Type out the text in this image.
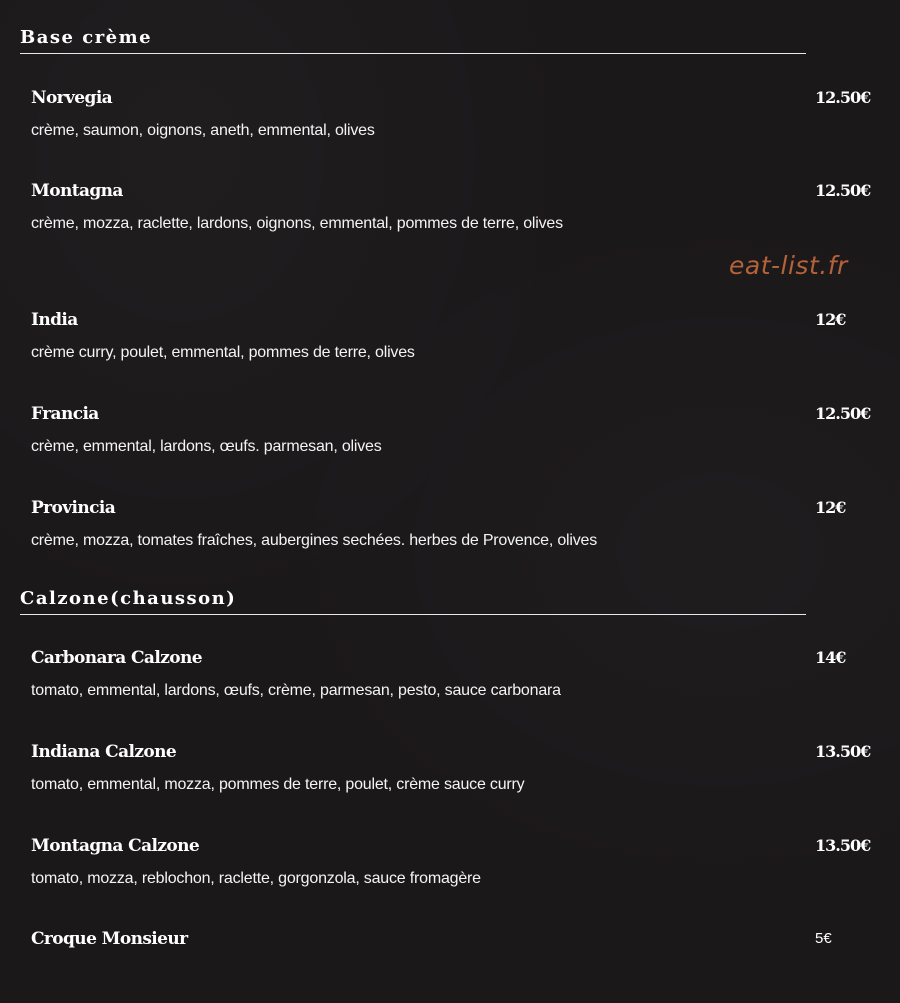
Base crème
Norvegia	12.50€
crème, saumon, oignons, aneth, emmental, olives
Montagna	12.50€
crème, mozza, raclette, lardons, oignons, emmental, pommes de terre, olives
India	12€
crème curry, poulet, emmental, pommes de terre, olives
Francia	12.50€
crème, emmental, lardons, œufs. parmesan, olives
Provincia	12€
crème, mozza, tomates fraîches, aubergines sechées. herbes de Provence, olives
Calzone(chausson)
Carbonara Calzone	14€
tomato, emmental, lardons, œufs, crème, parmesan, pesto, sauce carbonara
Indiana Calzone	13.50€
tomato, emmental, mozza, pommes de terre, poulet, crème sauce curry
Montagna Calzone	13.50€
tomato, mozza, reblochon, raclette, gorgonzola, sauce fromagère
Croque Monsieur	5€
eat-list.fr
